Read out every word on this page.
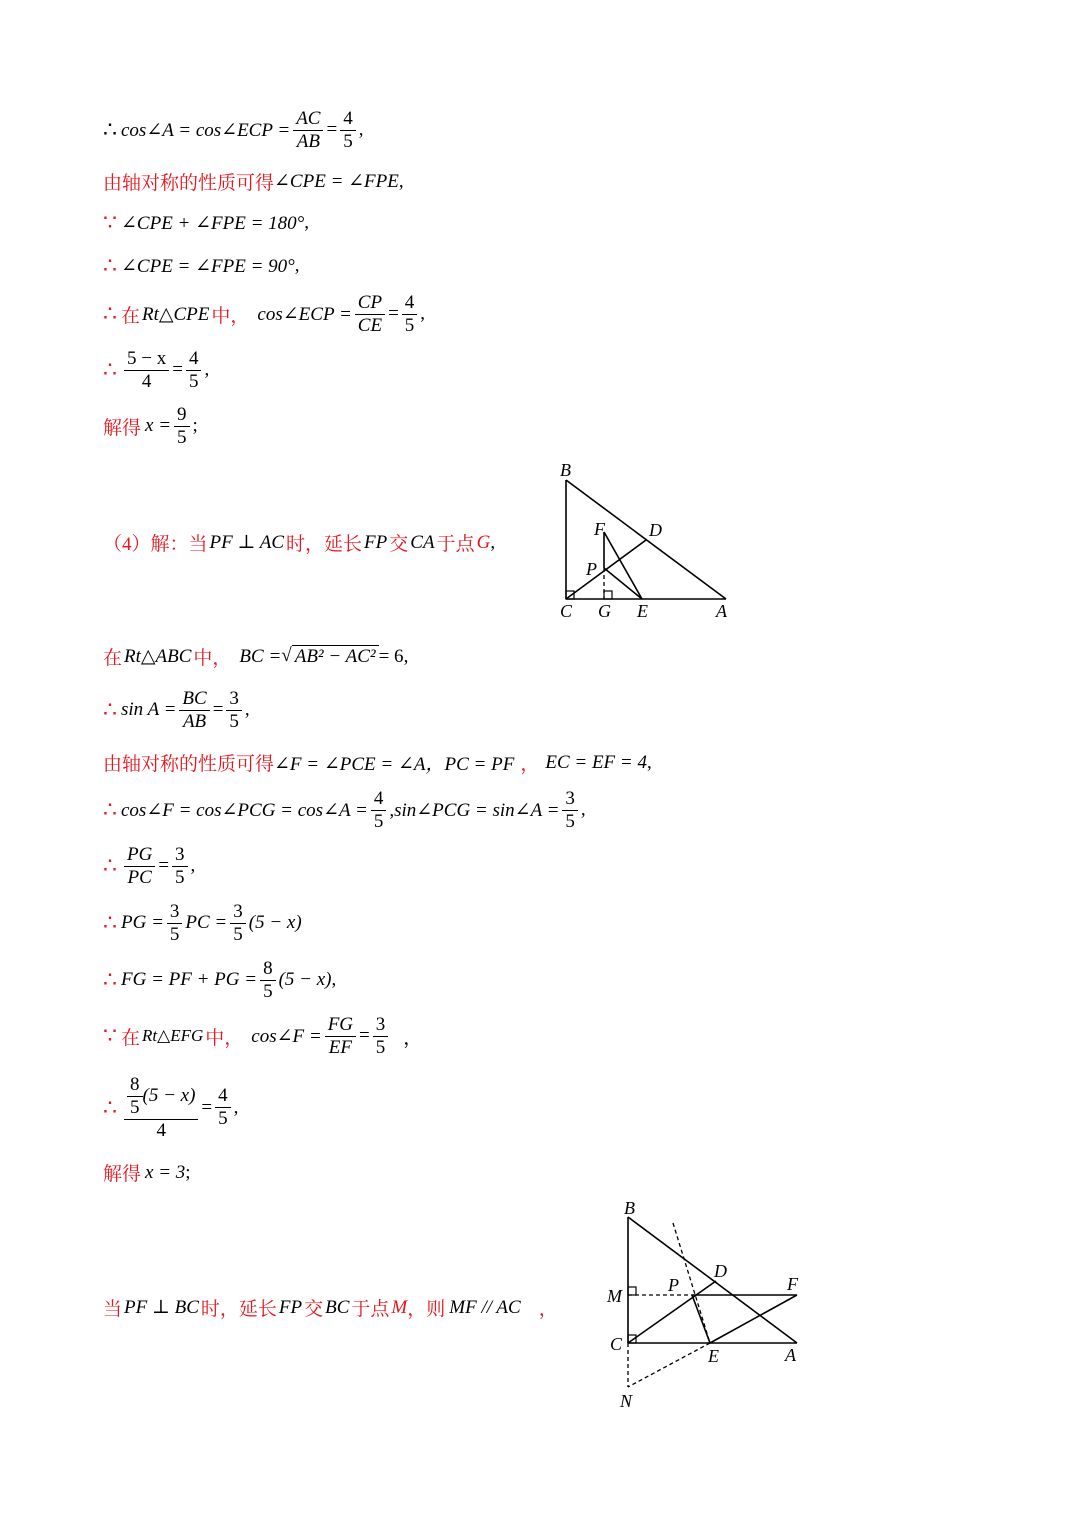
∴ cos∠A = cos∠ECP = $\frac{AC}{AB} = \frac{4}{5}$ ,
由轴对称的性质可得 ∠CPE = ∠FPE ,
∵ ∠CPE + ∠FPE = 180° ,
∴ ∠CPE = ∠FPE = 90° ,
∴ 在 Rt△CPE 中， cos∠ECP = $\frac{CP}{CE} = \frac{4}{5}$ ,
∴ $\frac{5 - x}{4} = \frac{4}{5}$ ,
解得 $x = \frac{9}{5}$ ;
（4）解：当 PF ⊥ AC 时，延长 FP 交 CA 于点 G ,
B
F D
P
C G E	A
在 Rt△ABC 中， BC = √ AB² − AC² = 6 ,
∴ $\sin A = \frac{BC}{AB} = \frac{3}{5}$ ,
由轴对称的性质可得 ∠F = ∠PCE = ∠A，PC = PF ， EC = EF = 4 ,
∴ cos∠F = cos∠PCG = cos∠A = $\frac{4}{5}$ ,sin∠PCG = sin∠A = $\frac{3}{5}$ ,
∴ $\frac{PG}{PC} = \frac{3}{5}$ ,
∴ PG = $\frac{3}{5}$ PC = $\frac{3}{5} (5 - x)$
∴ FG = PF + PG = $\frac{8}{5} (5 - x)$ ,
∵ 在 Rt△EFG 中， cos∠F = $\frac{FG}{EF} = \frac{3}{5}$ ，
∴ $\frac{\frac{8}{5} (5 - x)}{4} = \frac{4}{5}$ ,
解得 x = 3 ;
当 PF ⊥ BC 时，延长 FP 交 BC 于点 M ，则 MF // AC ，
B
D
F
M
P
C
E	A
N
